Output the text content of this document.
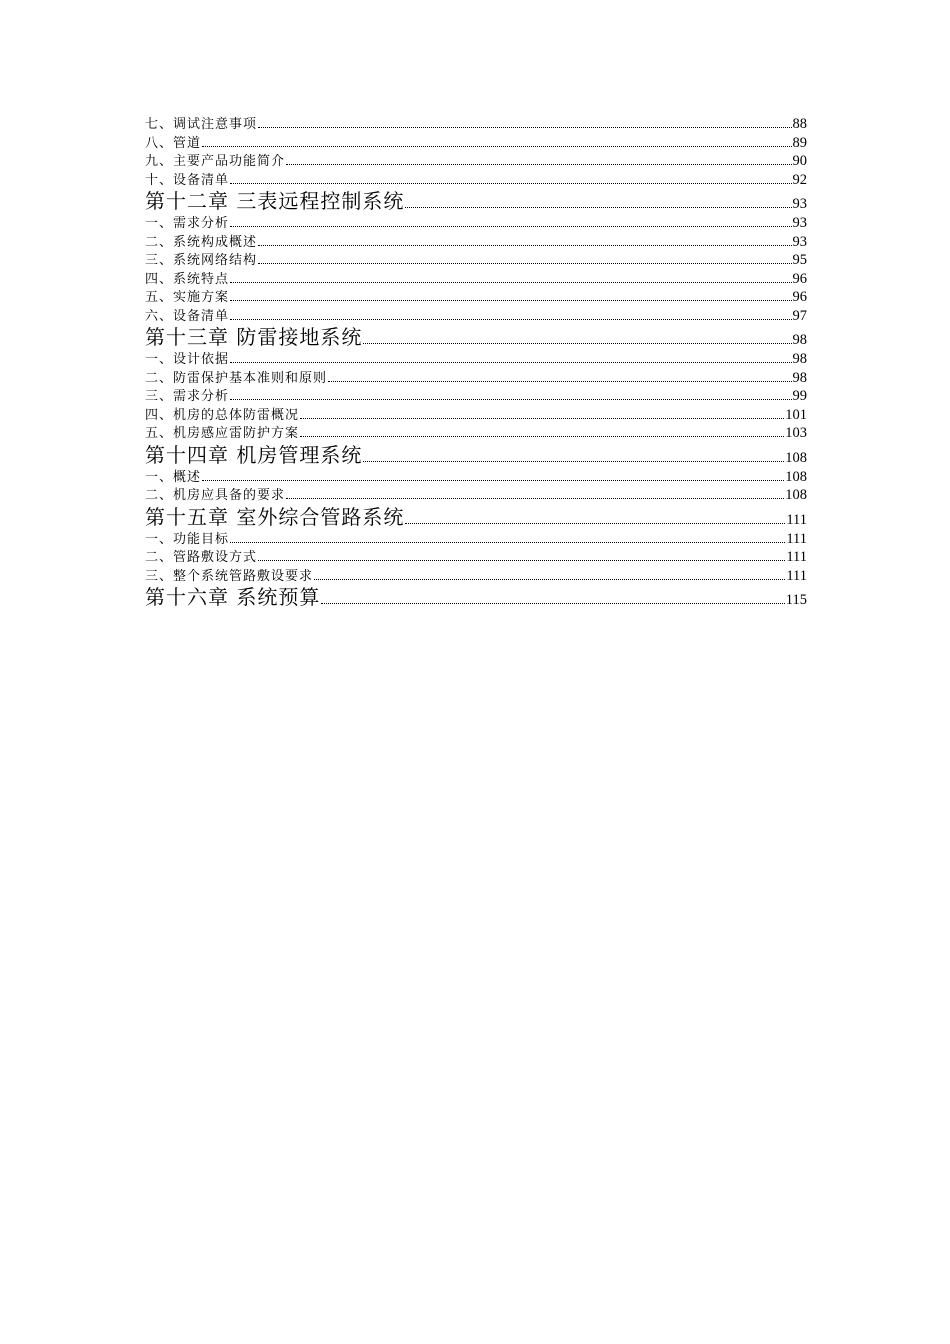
七、调试注意事项	88
八、管道	89
九、主要产品功能简介	90
十、设备清单	92
第十二章 三表远程控制系统	93
一、需求分析	93
二、系统构成概述	93
三、系统网络结构	95
四、系统特点	96
五、实施方案	96
六、设备清单	97
第十三章 防雷接地系统	98
一、设计依据	98
二、防雷保护基本准则和原则	98
三、需求分析	99
四、机房的总体防雷概况	101
五、机房感应雷防护方案	103
第十四章 机房管理系统	108
一、概述	108
二、机房应具备的要求	108
第十五章 室外综合管路系统	111
一、功能目标	111
二、管路敷设方式	111
三、整个系统管路敷设要求	111
第十六章 系统预算	115
